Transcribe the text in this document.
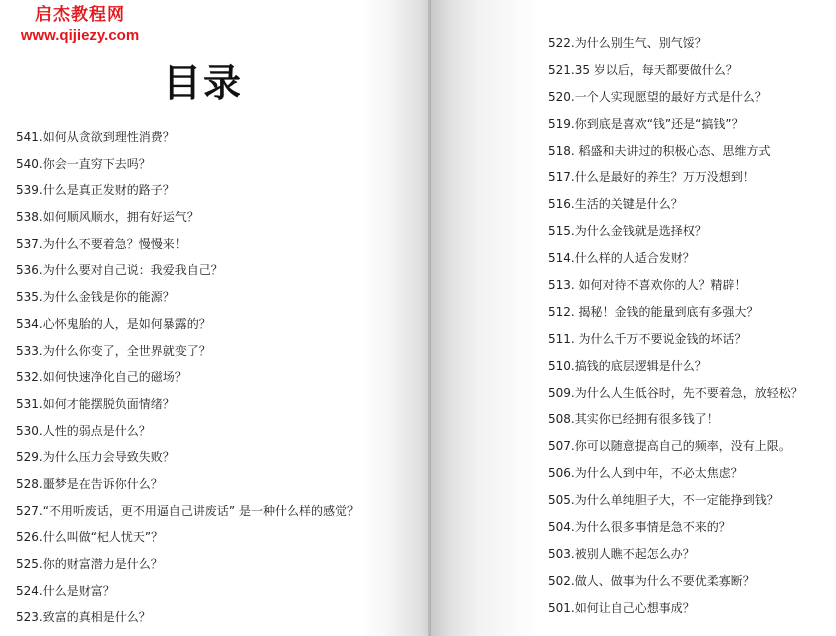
启杰教程网
www.qijiezy.com
目录
541.如何从贪欲到理性消费？
540.你会一直穷下去吗？
539.什么是真正发财的路子？
538.如何顺风顺水，拥有好运气？
537.为什么不要着急？慢慢来！
536.为什么要对自己说：我爱我自己？
535.为什么金钱是你的能源？
534.心怀鬼胎的人，是如何暴露的？
533.为什么你变了，全世界就变了？
532.如何快速净化自己的磁场？
531.如何才能摆脱负面情绪？
530.人性的弱点是什么？
529.为什么压力会导致失败？
528.噩梦是在告诉你什么？
527.“不用听废话，更不用逼自己讲废话” 是一种什么样的感觉？
526.什么叫做“杞人忧天”？
525.你的财富潜力是什么？
524.什么是财富？
523.致富的真相是什么？
522.为什么别生气、别气馁？
521.35 岁以后，每天都要做什么？
520.一个人实现愿望的最好方式是什么？
519.你到底是喜欢“钱”还是“搞钱”？
518. 稻盛和夫讲过的积极心态、思维方式
517.什么是最好的养生？万万没想到！
516.生活的关键是什么？
515.为什么金钱就是选择权？
514.什么样的人适合发财？
513. 如何对待不喜欢你的人？精辟！
512. 揭秘！金钱的能量到底有多强大？
511. 为什么千万不要说金钱的坏话？
510.搞钱的底层逻辑是什么？
509.为什么人生低谷时，先不要着急，放轻松？
508.其实你已经拥有很多钱了！
507.你可以随意提高自己的频率，没有上限。
506.为什么人到中年，不必太焦虑？
505.为什么单纯胆子大，不一定能挣到钱？
504.为什么很多事情是急不来的？
503.被别人瞧不起怎么办？
502.做人、做事为什么不要优柔寡断？
501.如何让自己心想事成？
